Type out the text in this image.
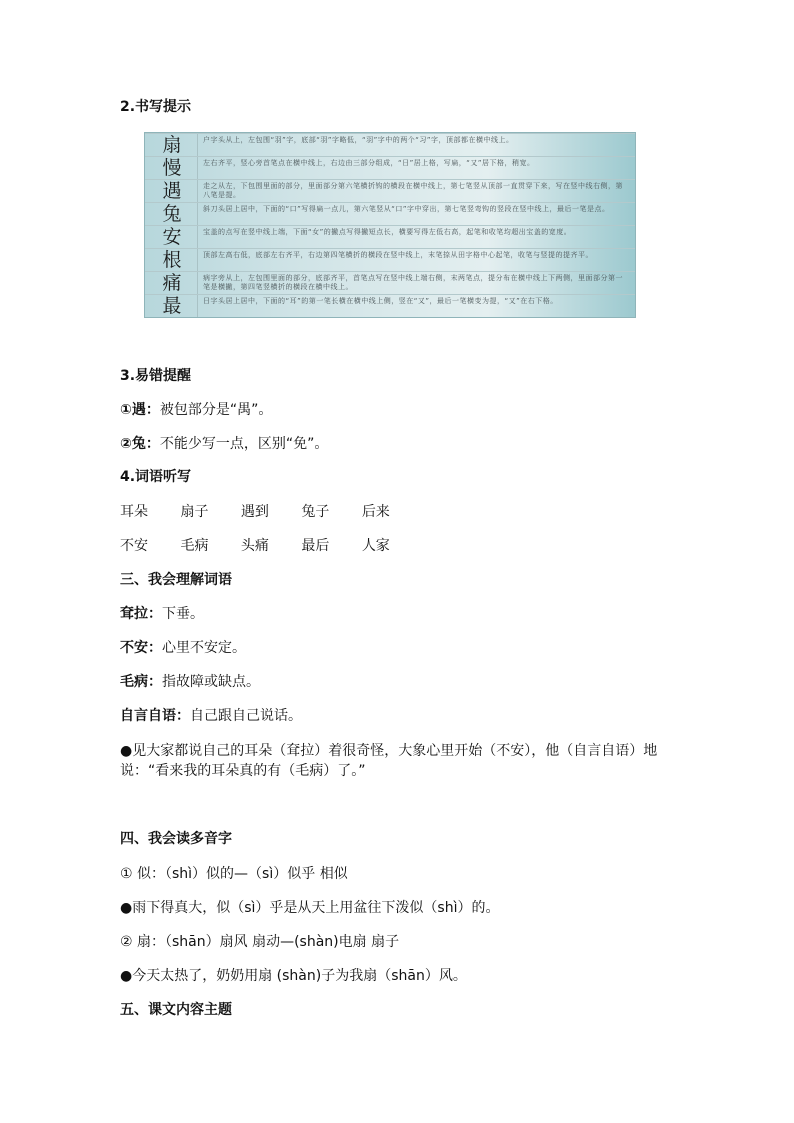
2.书写提示
扇	户字头从上，左包围“羽”字，底部“羽”字略低，“羽”字中的两个“习”字，顶部都在横中线上。
慢	左右齐平，竖心旁首笔点在横中线上，右边由三部分组成，“日”居上格，写扁，“又”居下格，稍宽。
遇	走之从左，下包围里面的部分，里面部分第六笔横折钩的横段在横中线上，第七笔竖从顶部一直贯穿下来，写在竖中线右侧，第八笔是提。
兔	斜刀头居上居中，下面的“口”写得扁一点儿，第六笔竖从“口”字中穿出，第七笔竖弯钩的竖段在竖中线上，最后一笔是点。
安	宝盖的点写在竖中线上端，下面“女”的撇点写得撇短点长，横要写得左低右高，起笔和收笔均超出宝盖的宽度。
根	顶部左高右低，底部左右齐平，右边第四笔横折的横段在竖中线上，末笔捺从田字格中心起笔，收笔与竖提的提齐平。
痛	病字旁从上，左包围里面的部分，底部齐平，首笔点写在竖中线上端右侧，末两笔点，提分布在横中线上下两侧，里面部分第一笔是横撇，第四笔竖横折的横段在横中线上。
最	日字头居上居中，下面的“耳”的第一笔长横在横中线上侧，竖在“又”，最后一笔横变为提，“又”在右下格。
3.易错提醒
①遇：被包部分是“禺”。
②兔：不能少写一点，区别“免”。
4.词语听写
耳朵 扇子 遇到 兔子 后来
不安 毛病 头痛 最后 人家
三、我会理解词语
耷拉：下垂。
不安：心里不安定。
毛病：指故障或缺点。
自言自语：自己跟自己说话。
●见大家都说自己的耳朵（耷拉）着很奇怪，大象心里开始（不安），他（自言自语）地说：“看来我的耳朵真的有（毛病）了。”
四、我会读多音字
① 似：（shì）似的—（sì）似乎 相似
●雨下得真大，似（sì）乎是从天上用盆往下泼似（shì）的。
② 扇：（shān）扇风 扇动—(shàn)电扇 扇子
●今天太热了，奶奶用扇 (shàn)子为我扇（shān）风。
五、课文内容主题
